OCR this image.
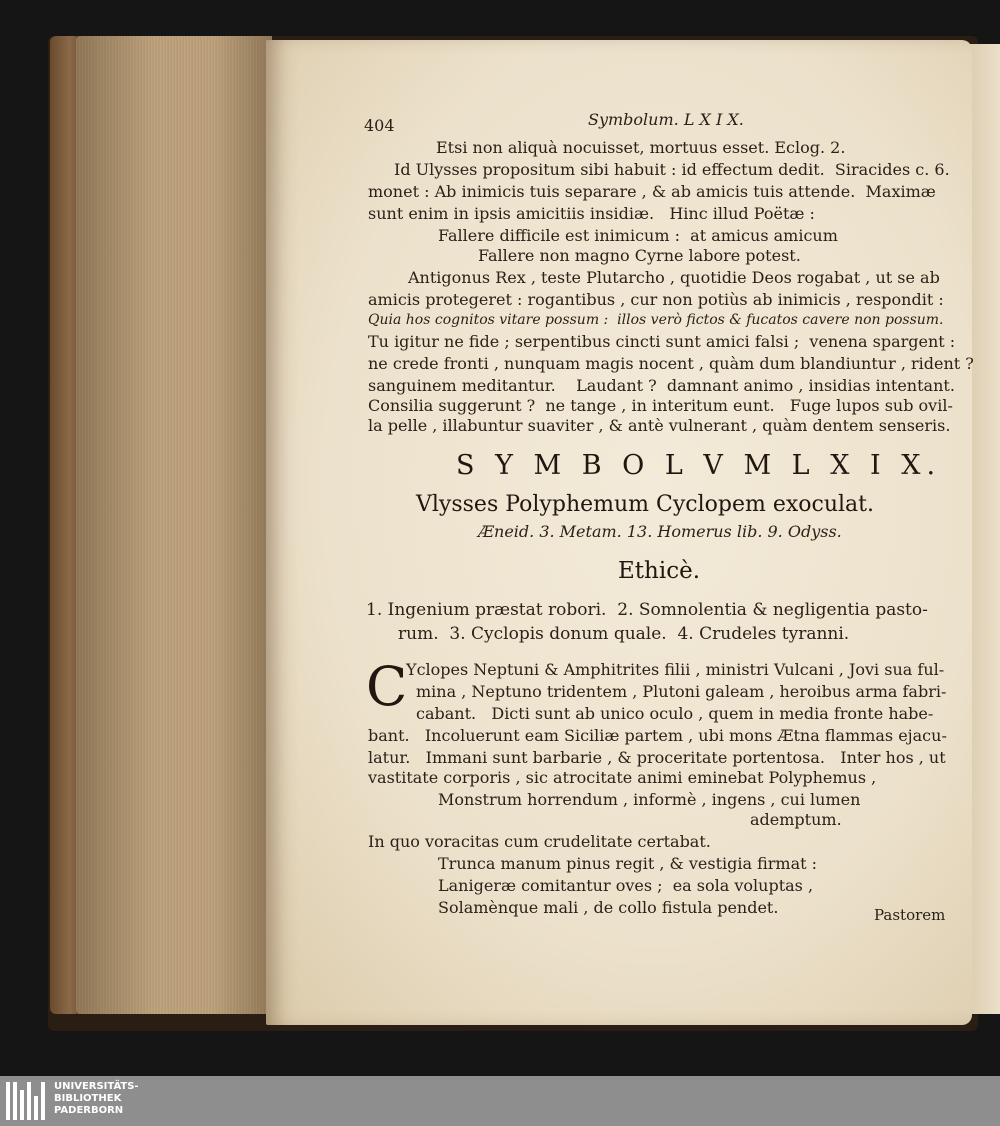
404	Symbolum. L X I X.
Etsi non aliquà nocuisset, mortuus esset. Eclog. 2.
Id Ulysses propositum sibi habuit : id effectum dedit.  Siracides c. 6.
monet : Ab inimicis tuis separare , & ab amicis tuis attende.  Maximæ
sunt enim in ipsis amicitiis insidiæ.   Hinc illud Poëtæ :
Fallere difficile est inimicum :  at amicus amicum
Fallere non magno Cyrne labore potest.
Antigonus Rex , teste Plutarcho , quotidie Deos rogabat , ut se ab
amicis protegeret : rogantibus , cur non potiùs ab inimicis , respondit :
Quia hos cognitos vitare possum :  illos verò fictos & fucatos cavere non possum.
Tu igitur ne fide ; serpentibus cincti sunt amici falsi ;  venena spargent :
ne crede fronti , nunquam magis nocent , quàm dum blandiuntur , rident ?
sanguinem meditantur.    Laudant ?  damnant animo , insidias intentant.
Consilia suggerunt ?  ne tange , in interitum eunt.   Fuge lupos sub ovil-
la pelle , illabuntur suaviter , & antè vulnerant , quàm dentem senseris.
S Y M B O L V M L X I X.
Vlysses Polyphemum Cyclopem exoculat.
Æneid. 3. Metam. 13. Homerus lib. 9. Odyss.
Ethicè.
1. Ingenium præstat robori.  2. Somnolentia & negligentia pasto-
rum.  3. Cyclopis donum quale.  4. Crudeles tyranni.
C
Yclopes Neptuni & Amphitrites filii , ministri Vulcani , Jovi sua ful-
mina , Neptuno tridentem , Plutoni galeam , heroibus arma fabri-
cabant.   Dicti sunt ab unico oculo , quem in media fronte habe-
bant.   Incoluerunt eam Siciliæ partem , ubi mons Ætna flammas ejacu-
latur.   Immani sunt barbarie , & proceritate portentosa.   Inter hos , ut
vastitate corporis , sic atrocitate animi eminebat Polyphemus ,
Monstrum horrendum , informè , ingens , cui lumen
ademptum.
In quo voracitas cum crudelitate certabat.
Trunca manum pinus regit , & vestigia firmat :
Lanigeræ comitantur oves ;  ea sola voluptas ,
Solamènque mali , de collo fistula pendet.	Pastorem
UNIVERSITÄTS-
BIBLIOTHEK
PADERBORN
